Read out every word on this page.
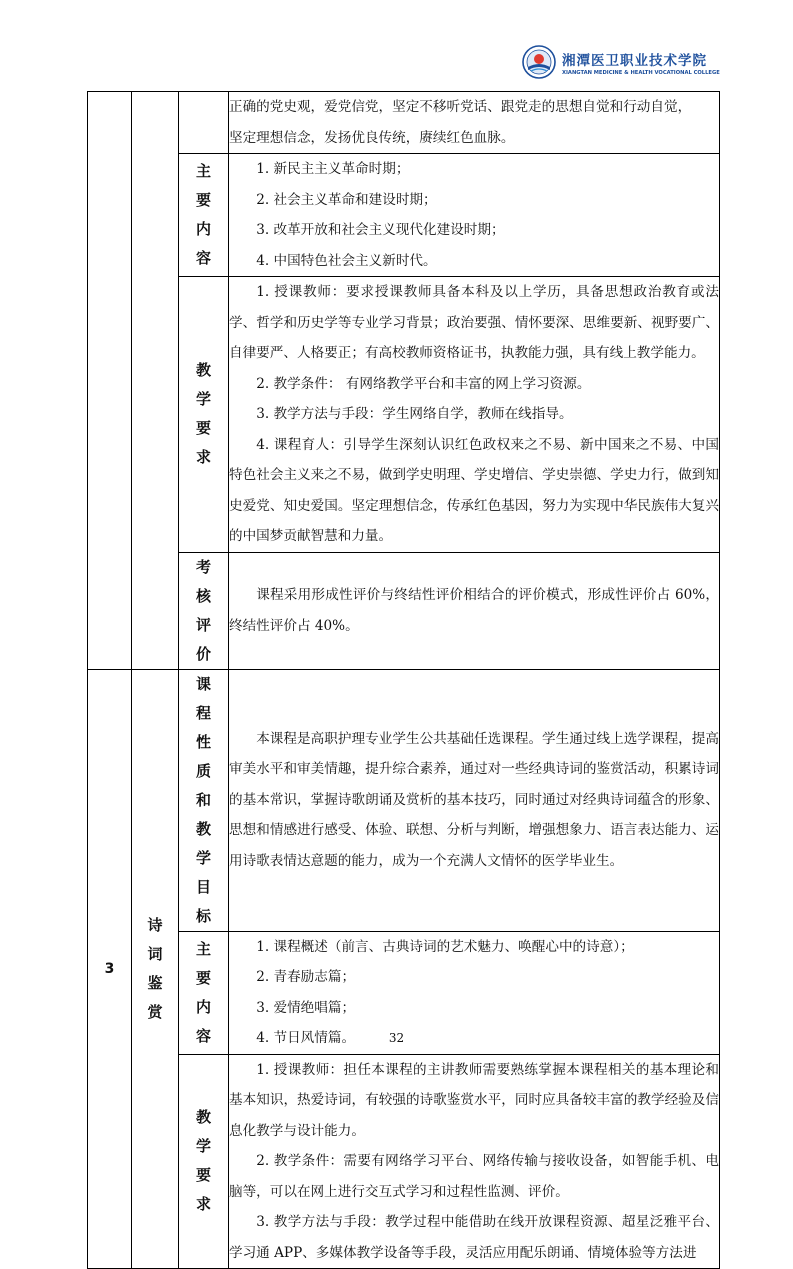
湘潭医卫职业技术学院
XIANGTAN MEDICINE & HEALTH VOCATIONAL COLLEGE

			正确的党史观，爱党信党，坚定不移听党话、跟党走的思想自觉和行动自觉，

坚定理想信念，发扬优良传统，赓续红色血脉。

		主要内容	1. 新民主主义革命时期；

2. 社会主义革命和建设时期；

3. 改革开放和社会主义现代化建设时期；

4. 中国特色社会主义新时代。

		教学要求	1. 授课教师：要求授课教师具备本科及以上学历，具备思想政治教育或法学、哲学和历史学等专业学习背景；政治要强、情怀要深、思维要新、视野要广、自律要严、人格要正；有高校教师资格证书，执教能力强，具有线上教学能力。

2. 教学条件： 有网络教学平台和丰富的网上学习资源。

3. 教学方法与手段：学生网络自学，教师在线指导。

4. 课程育人：引导学生深刻认识红色政权来之不易、新中国来之不易、中国特色社会主义来之不易，做到学史明理、学史增信、学史崇德、学史力行，做到知史爱党、知史爱国。坚定理想信念，传承红色基因，努力为实现中华民族伟大复兴的中国梦贡献智慧和力量。

		考核评价	课程采用形成性评价与终结性评价相结合的评价模式，形成性评价占 60%，终结性评价占 40%。

3	诗词鉴赏	课程性质和教学目标	本课程是高职护理专业学生公共基础任选课程。学生通过线上选学课程，提高审美水平和审美情趣，提升综合素养，通过对一些经典诗词的鉴赏活动，积累诗词的基本常识，掌握诗歌朗诵及赏析的基本技巧，同时通过对经典诗词蕴含的形象、思想和情感进行感受、体验、联想、分析与判断，增强想象力、语言表达能力、运用诗歌表情达意题的能力，成为一个充满人文情怀的医学毕业生。

		主要内容	1. 课程概述（前言、古典诗词的艺术魅力、唤醒心中的诗意）；

2. 青春励志篇；

3. 爱情绝唱篇；

4. 节日风情篇。

		教学要求	1. 授课教师：担任本课程的主讲教师需要熟练掌握本课程相关的基本理论和基本知识，热爱诗词，有较强的诗歌鉴赏水平，同时应具备较丰富的教学经验及信息化教学与设计能力。

2. 教学条件：需要有网络学习平台、网络传输与接收设备，如智能手机、电脑等，可以在网上进行交互式学习和过程性监测、评价。

3. 教学方法与手段：教学过程中能借助在线开放课程资源、超星泛雅平台、学习通 APP、多媒体教学设备等手段，灵活应用配乐朗诵、情境体验等方法进

32
